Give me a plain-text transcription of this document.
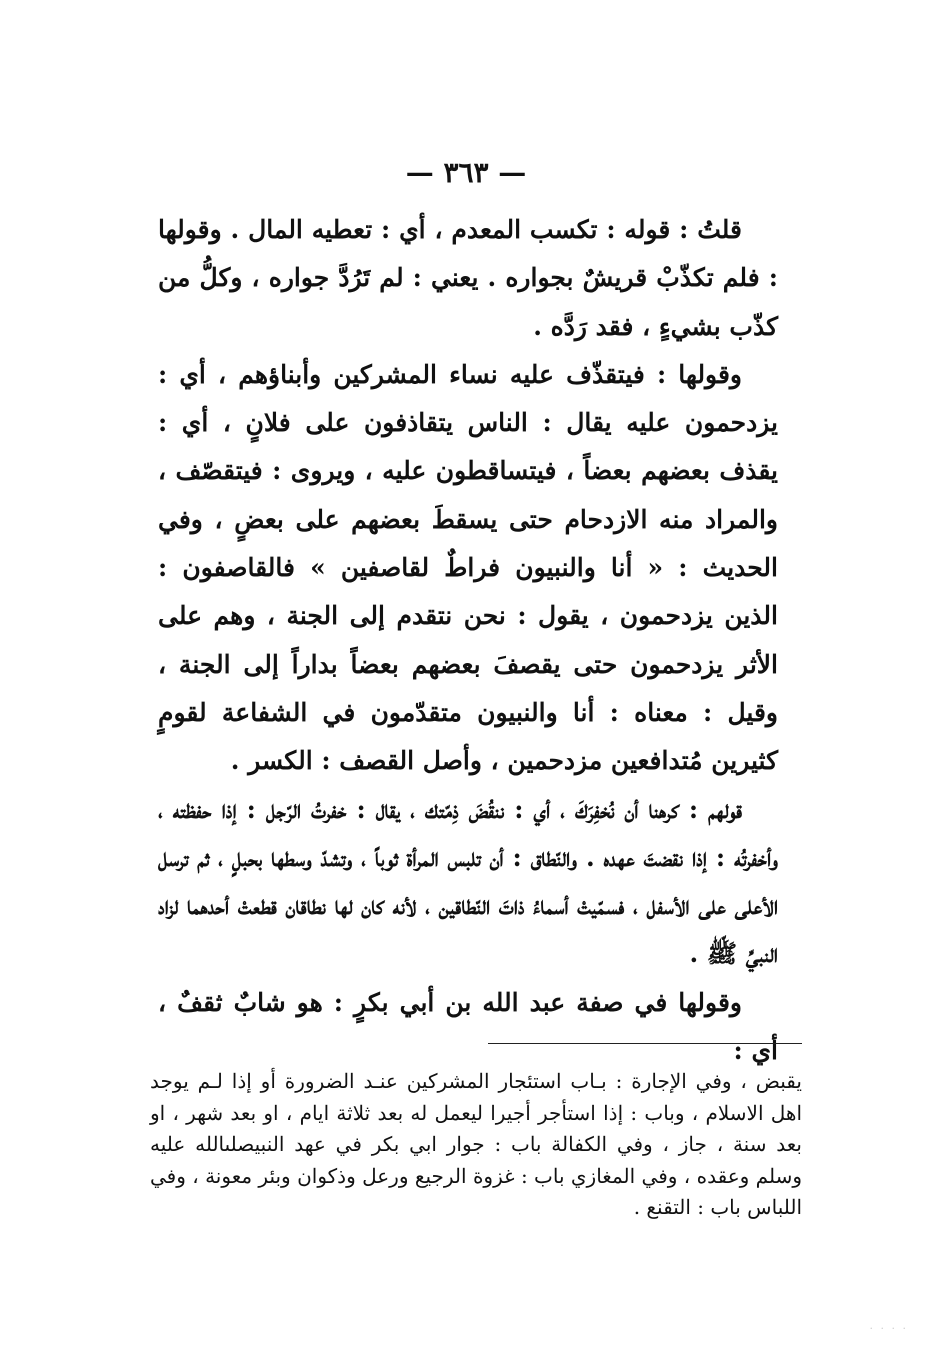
— ٣٦٣ —

قلتُ : قوله : تكسب المعدم ، أي : تعطيه المال . وقولها : فلم تكذّبْ قريشٌ بجواره . يعني : لم تَرُدَّ جواره ، وكلُّ من كذّب بشيءٍ ، فقد رَدَّه .

وقولها : فيتقذّف عليه نساء المشركين وأبناؤهم ، أي : يزدحمون عليه يقال : الناس يتقاذفون على فلانٍ ، أي : يقذف بعضهم بعضاً ، فيتساقطون عليه ، ويروى : فيتقصّف ، والمراد منه الازدحام حتى يسقطَ بعضهم على بعضٍ ، وفي الحديث : « أنا والنبيون فراطٌ لقاصفين » فالقاصفون : الذين يزدحمون ، يقول : نحن نتقدم إلى الجنة ، وهم على الأثر يزدحمون حتى يقصفَ بعضهم بعضاً بداراً إلى الجنة ، وقيل : معناه : أنا والنبيون متقدّمون في الشفاعة لقومٍ كثيرين مُتدافعين مزدحمين ، وأصل القصف : الكسر .

قولهم : كرهنا أن نُخفِرَكَ ، أي : ننقُضَ ذِمّتك ، يقال : خفرتُ الرّجل : إذا حفظته ، وأخفرتُه : إذا نقضتَ عهده . والنّطاق : أن تلبس المرأة ثوباً ، وتشدّ وسطها بحبلٍ ، ثم ترسل الأعلى على الأسفل ، فسمّيتْ أسماءُ ذاتَ النّطاقين ، لأنه كان لها نطاقان قطعتْ أحدهما لزاد النبيِّ ﷺ .

وقولها في صفة عبد الله بن أبي بكرٍ : هو شابٌ ثقفٌ ، أي :

يقبض ، وفي الإجارة : بـاب استئجار المشركين عنـد الضرورة أو إذا لـم يوجد اهل الاسلام ، وباب : إذا استأجر أجيرا ليعمل له بعد ثلاثة ايام ، او بعد شهر ، او بعد سنة ، جاز ، وفي الكفالة باب : جوار ابي بكر في عهد النبيصلىالله عليه وسلم وعقده ، وفي المغازي باب : غزوة الرجيع ورعل وذكوان وبئر معونة ، وفي اللباس باب : التقنع .

· · · ·
